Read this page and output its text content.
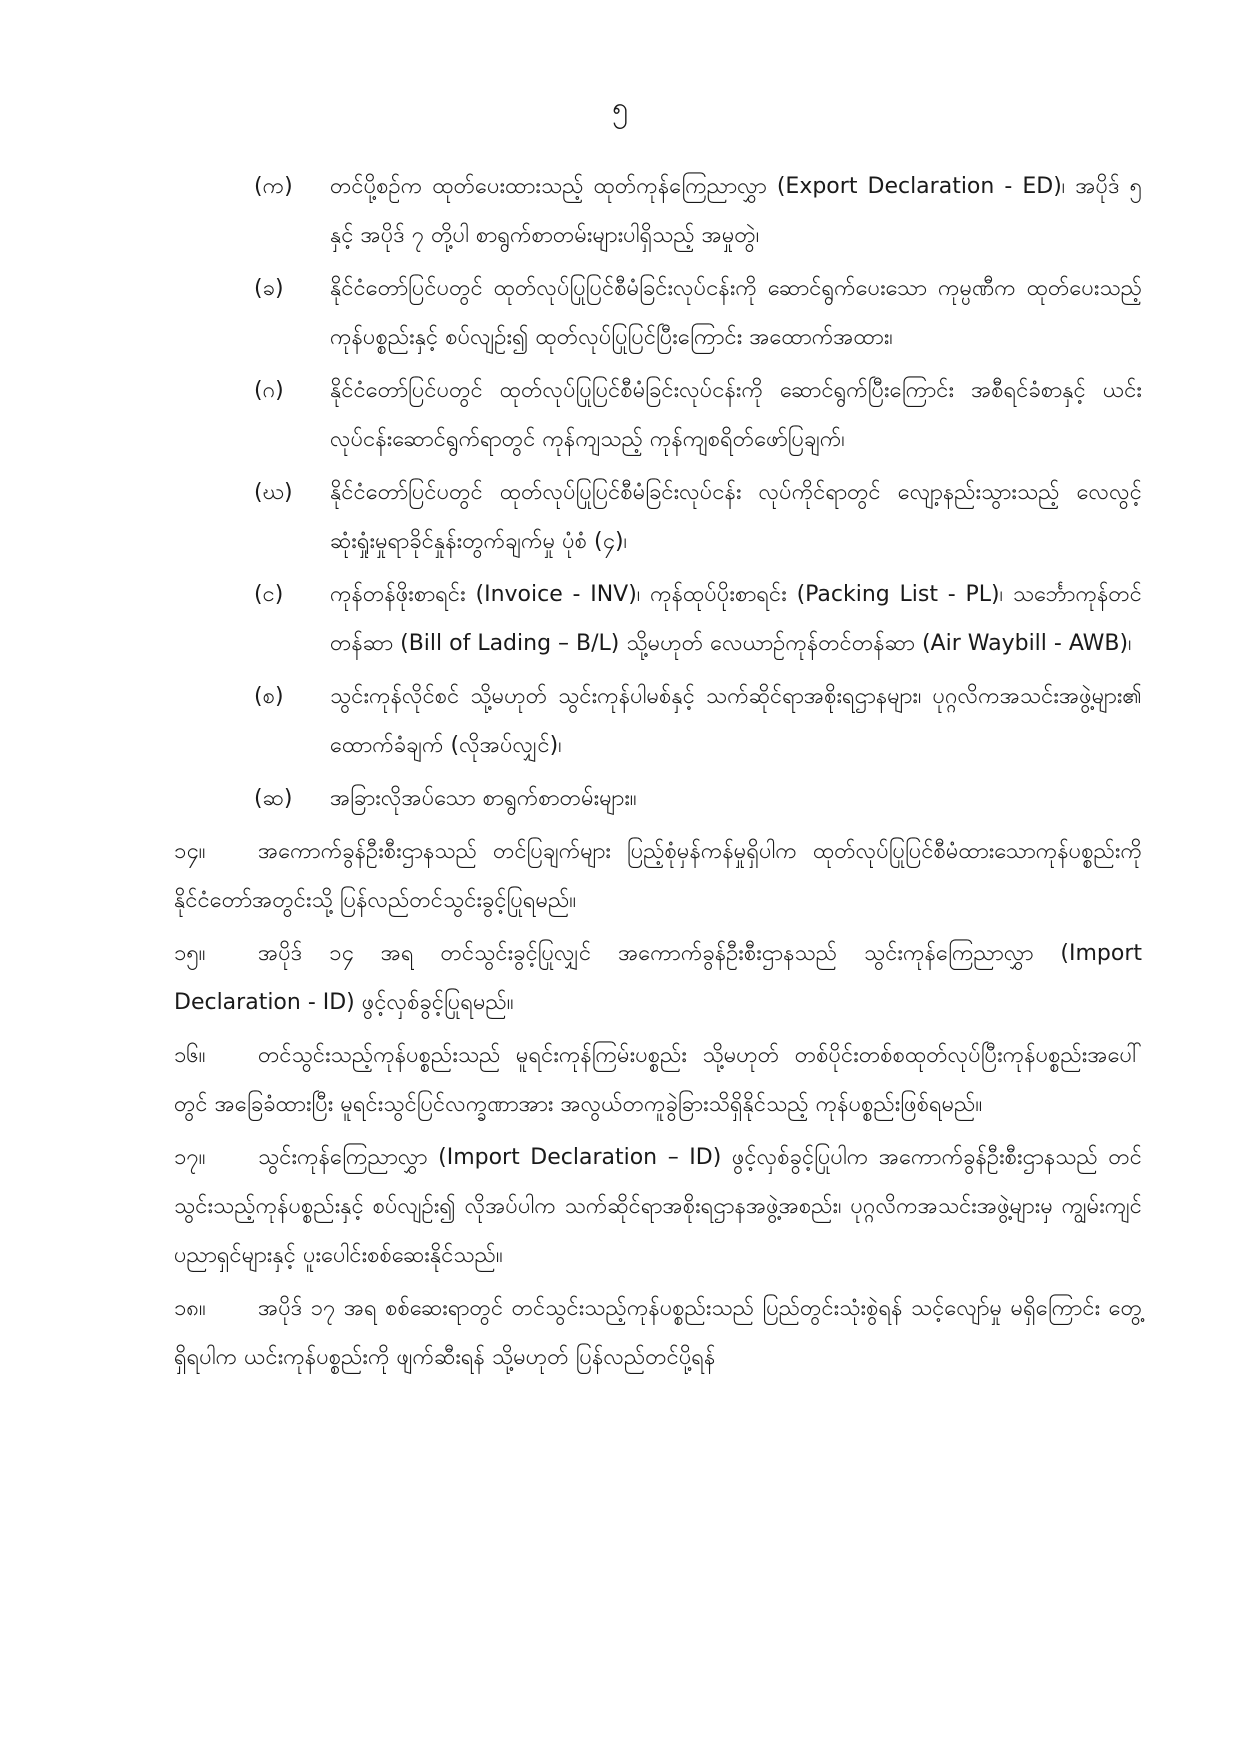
၅
(က)	တင်ပို့စဉ်က ထုတ်ပေးထားသည့် ထုတ်ကုန်ကြေညာလွှာ (Export Declaration - ED)၊ အပိုဒ် ၅ နှင့် အပိုဒ် ၇ တို့ပါ စာရွက်စာတမ်းများပါရှိသည့် အမှုတွဲ၊
(ခ)	နိုင်ငံတော်ပြင်ပတွင် ထုတ်လုပ်ပြုပြင်စီမံခြင်းလုပ်ငန်းကို ဆောင်ရွက်ပေးသော ကုမ္ပဏီက ထုတ်ပေးသည့် ကုန်ပစ္စည်းနှင့် စပ်လျဉ်း၍ ထုတ်လုပ်ပြုပြင်ပြီးကြောင်း အထောက်အထား၊
(ဂ)	နိုင်ငံတော်ပြင်ပတွင် ထုတ်လုပ်ပြုပြင်စီမံခြင်းလုပ်ငန်းကို ဆောင်ရွက်ပြီးကြောင်း အစီရင်ခံစာနှင့် ယင်းလုပ်ငန်းဆောင်ရွက်ရာတွင် ကုန်ကျသည့် ကုန်ကျစရိတ်ဖော်ပြချက်၊
(ဃ)	နိုင်ငံတော်ပြင်ပတွင် ထုတ်လုပ်ပြုပြင်စီမံခြင်းလုပ်ငန်း လုပ်ကိုင်ရာတွင် လျော့နည်းသွားသည့် လေလွင့်ဆုံးရှုံးမှုရာခိုင်နှုန်းတွက်ချက်မှု ပုံစံ (၄)၊
(င)	ကုန်တန်ဖိုးစာရင်း (Invoice - INV)၊ ကုန်ထုပ်ပိုးစာရင်း (Packing List - PL)၊ သင်္ဘောကုန်တင်တန်ဆာ (Bill of Lading – B/L) သို့မဟုတ် လေယာဉ်ကုန်တင်တန်ဆာ (Air Waybill - AWB)၊
(စ)	သွင်းကုန်လိုင်စင် သို့မဟုတ် သွင်းကုန်ပါမစ်နှင့် သက်ဆိုင်ရာအစိုးရဌာနများ၊ ပုဂ္ဂလိကအသင်းအဖွဲ့များ၏ ထောက်ခံချက် (လိုအပ်လျှင်)၊
(ဆ)	အခြားလိုအပ်သော စာရွက်စာတမ်းများ။
၁၄။ အကောက်ခွန်ဦးစီးဌာနသည် တင်ပြချက်များ ပြည့်စုံမှန်ကန်မှုရှိပါက ထုတ်လုပ်ပြုပြင်စီမံထားသောကုန်ပစ္စည်းကို နိုင်ငံတော်အတွင်းသို့ ပြန်လည်တင်သွင်းခွင့်ပြုရမည်။
၁၅။ အပိုဒ် ၁၄ အရ တင်သွင်းခွင့်ပြုလျှင် အကောက်ခွန်ဦးစီးဌာနသည် သွင်းကုန်ကြေညာလွှာ (Import Declaration - ID) ဖွင့်လှစ်ခွင့်ပြုရမည်။
၁၆။ တင်သွင်းသည့်ကုန်ပစ္စည်းသည် မူရင်းကုန်ကြမ်းပစ္စည်း သို့မဟုတ် တစ်ပိုင်းတစ်စထုတ်လုပ်ပြီးကုန်ပစ္စည်းအပေါ်တွင် အခြေခံထားပြီး မူရင်းသွင်ပြင်လက္ခဏာအား အလွယ်တကူခွဲခြားသိရှိနိုင်သည့် ကုန်ပစ္စည်းဖြစ်ရမည်။
၁၇။ သွင်းကုန်ကြေညာလွှာ (Import Declaration – ID) ဖွင့်လှစ်ခွင့်ပြုပါက အကောက်ခွန်ဦးစီးဌာနသည် တင်သွင်းသည့်ကုန်ပစ္စည်းနှင့် စပ်လျဉ်း၍ လိုအပ်ပါက သက်ဆိုင်ရာအစိုးရဌာနအဖွဲ့အစည်း၊ ပုဂ္ဂလိကအသင်းအဖွဲ့များမှ ကျွမ်းကျင်ပညာရှင်များနှင့် ပူးပေါင်းစစ်ဆေးနိုင်သည်။
၁၈။ အပိုဒ် ၁၇ အရ စစ်ဆေးရာတွင် တင်သွင်းသည့်ကုန်ပစ္စည်းသည် ပြည်တွင်းသုံးစွဲရန် သင့်လျော်မှု မရှိကြောင်း တွေ့ရှိရပါက ယင်းကုန်ပစ္စည်းကို ဖျက်ဆီးရန် သို့မဟုတ် ပြန်လည်တင်ပို့ရန်
